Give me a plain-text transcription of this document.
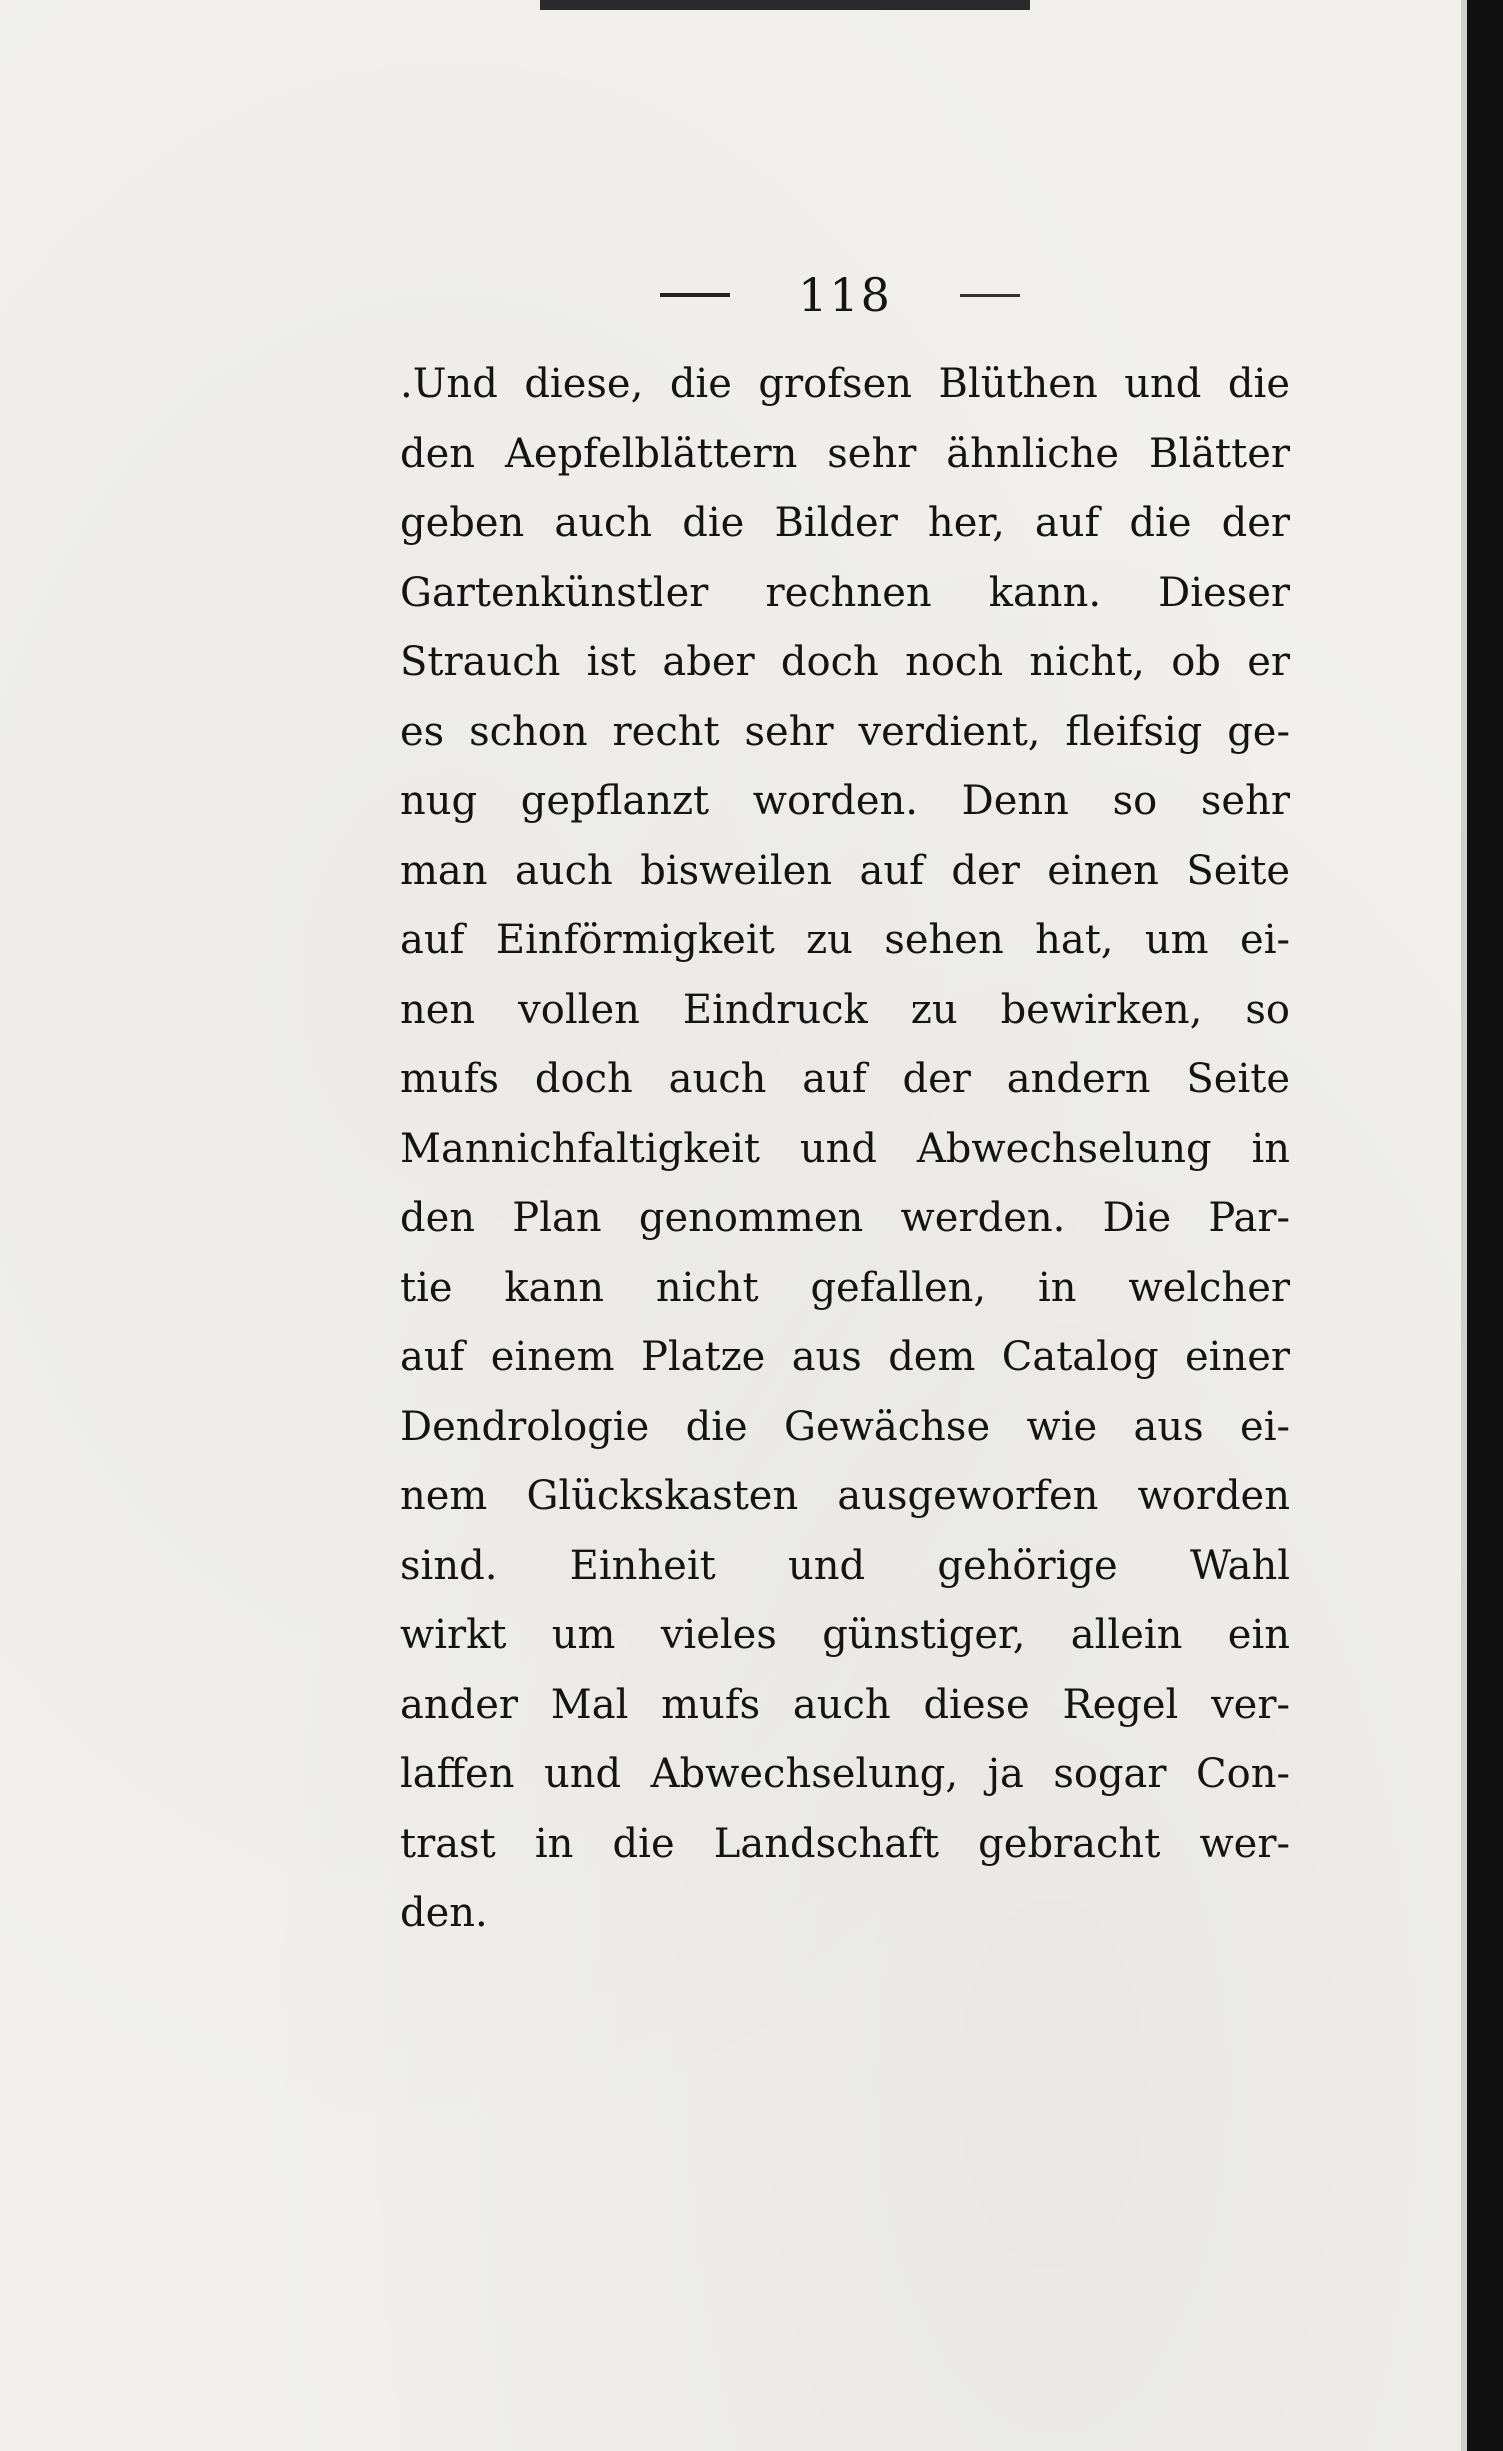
118
.Und diese, die grofsen Blüthen und die
den Aepfelblättern sehr ähnliche Blätter
geben auch die Bilder her, auf die der
Gartenkünstler rechnen kann. Dieser
Strauch ist aber doch noch nicht, ob er
es schon recht sehr verdient, fleifsig ge-
nug gepflanzt worden. Denn so sehr
man auch bisweilen auf der einen Seite
auf Einförmigkeit zu sehen hat, um ei-
nen vollen Eindruck zu bewirken, so
mufs doch auch auf der andern Seite
Mannichfaltigkeit und Abwechselung in
den Plan genommen werden. Die Par-
tie kann nicht gefallen, in welcher
auf einem Platze aus dem Catalog einer
Dendrologie die Gewächse wie aus ei-
nem Glückskasten ausgeworfen worden
sind. Einheit und gehörige Wahl
wirkt um vieles günstiger, allein ein
ander Mal mufs auch diese Regel ver-
laffen und Abwechselung, ja sogar Con-
trast in die Landschaft gebracht wer-
den.
